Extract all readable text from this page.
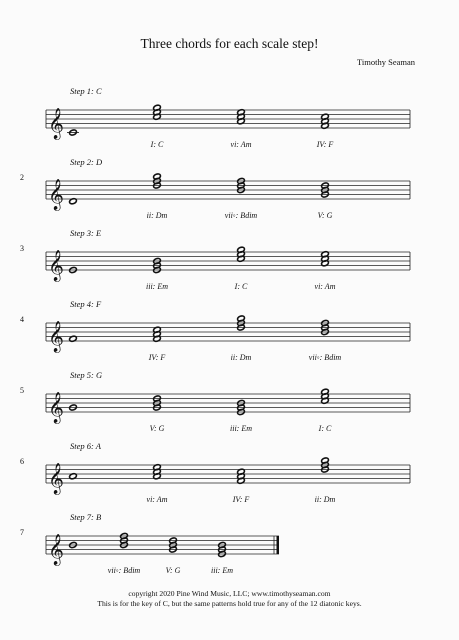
Three chords for each scale step!
Timothy Seaman
Step 1: C
I: C	vi: Am	IV: F
𝄞
2
Step 2: D
ii: Dm	vii◦: Bdim	V: G
𝄞
3
Step 3: E
iii: Em	I: C	vi: Am
𝄞
4
Step 4: F
IV: F	ii: Dm	vii◦: Bdim
𝄞
5
Step 5: G
V: G	iii: Em	I: C
𝄞
6
Step 6: A
vi: Am	IV: F	ii: Dm
𝄞
7
Step 7: B
vii◦: Bdim	V: G	iii: Em
𝄞
copyright 2020 Pine Wind Music, LLC; www.timothyseaman.com
This is for the key of C, but the same patterns hold true for any of the 12 diatonic keys.
